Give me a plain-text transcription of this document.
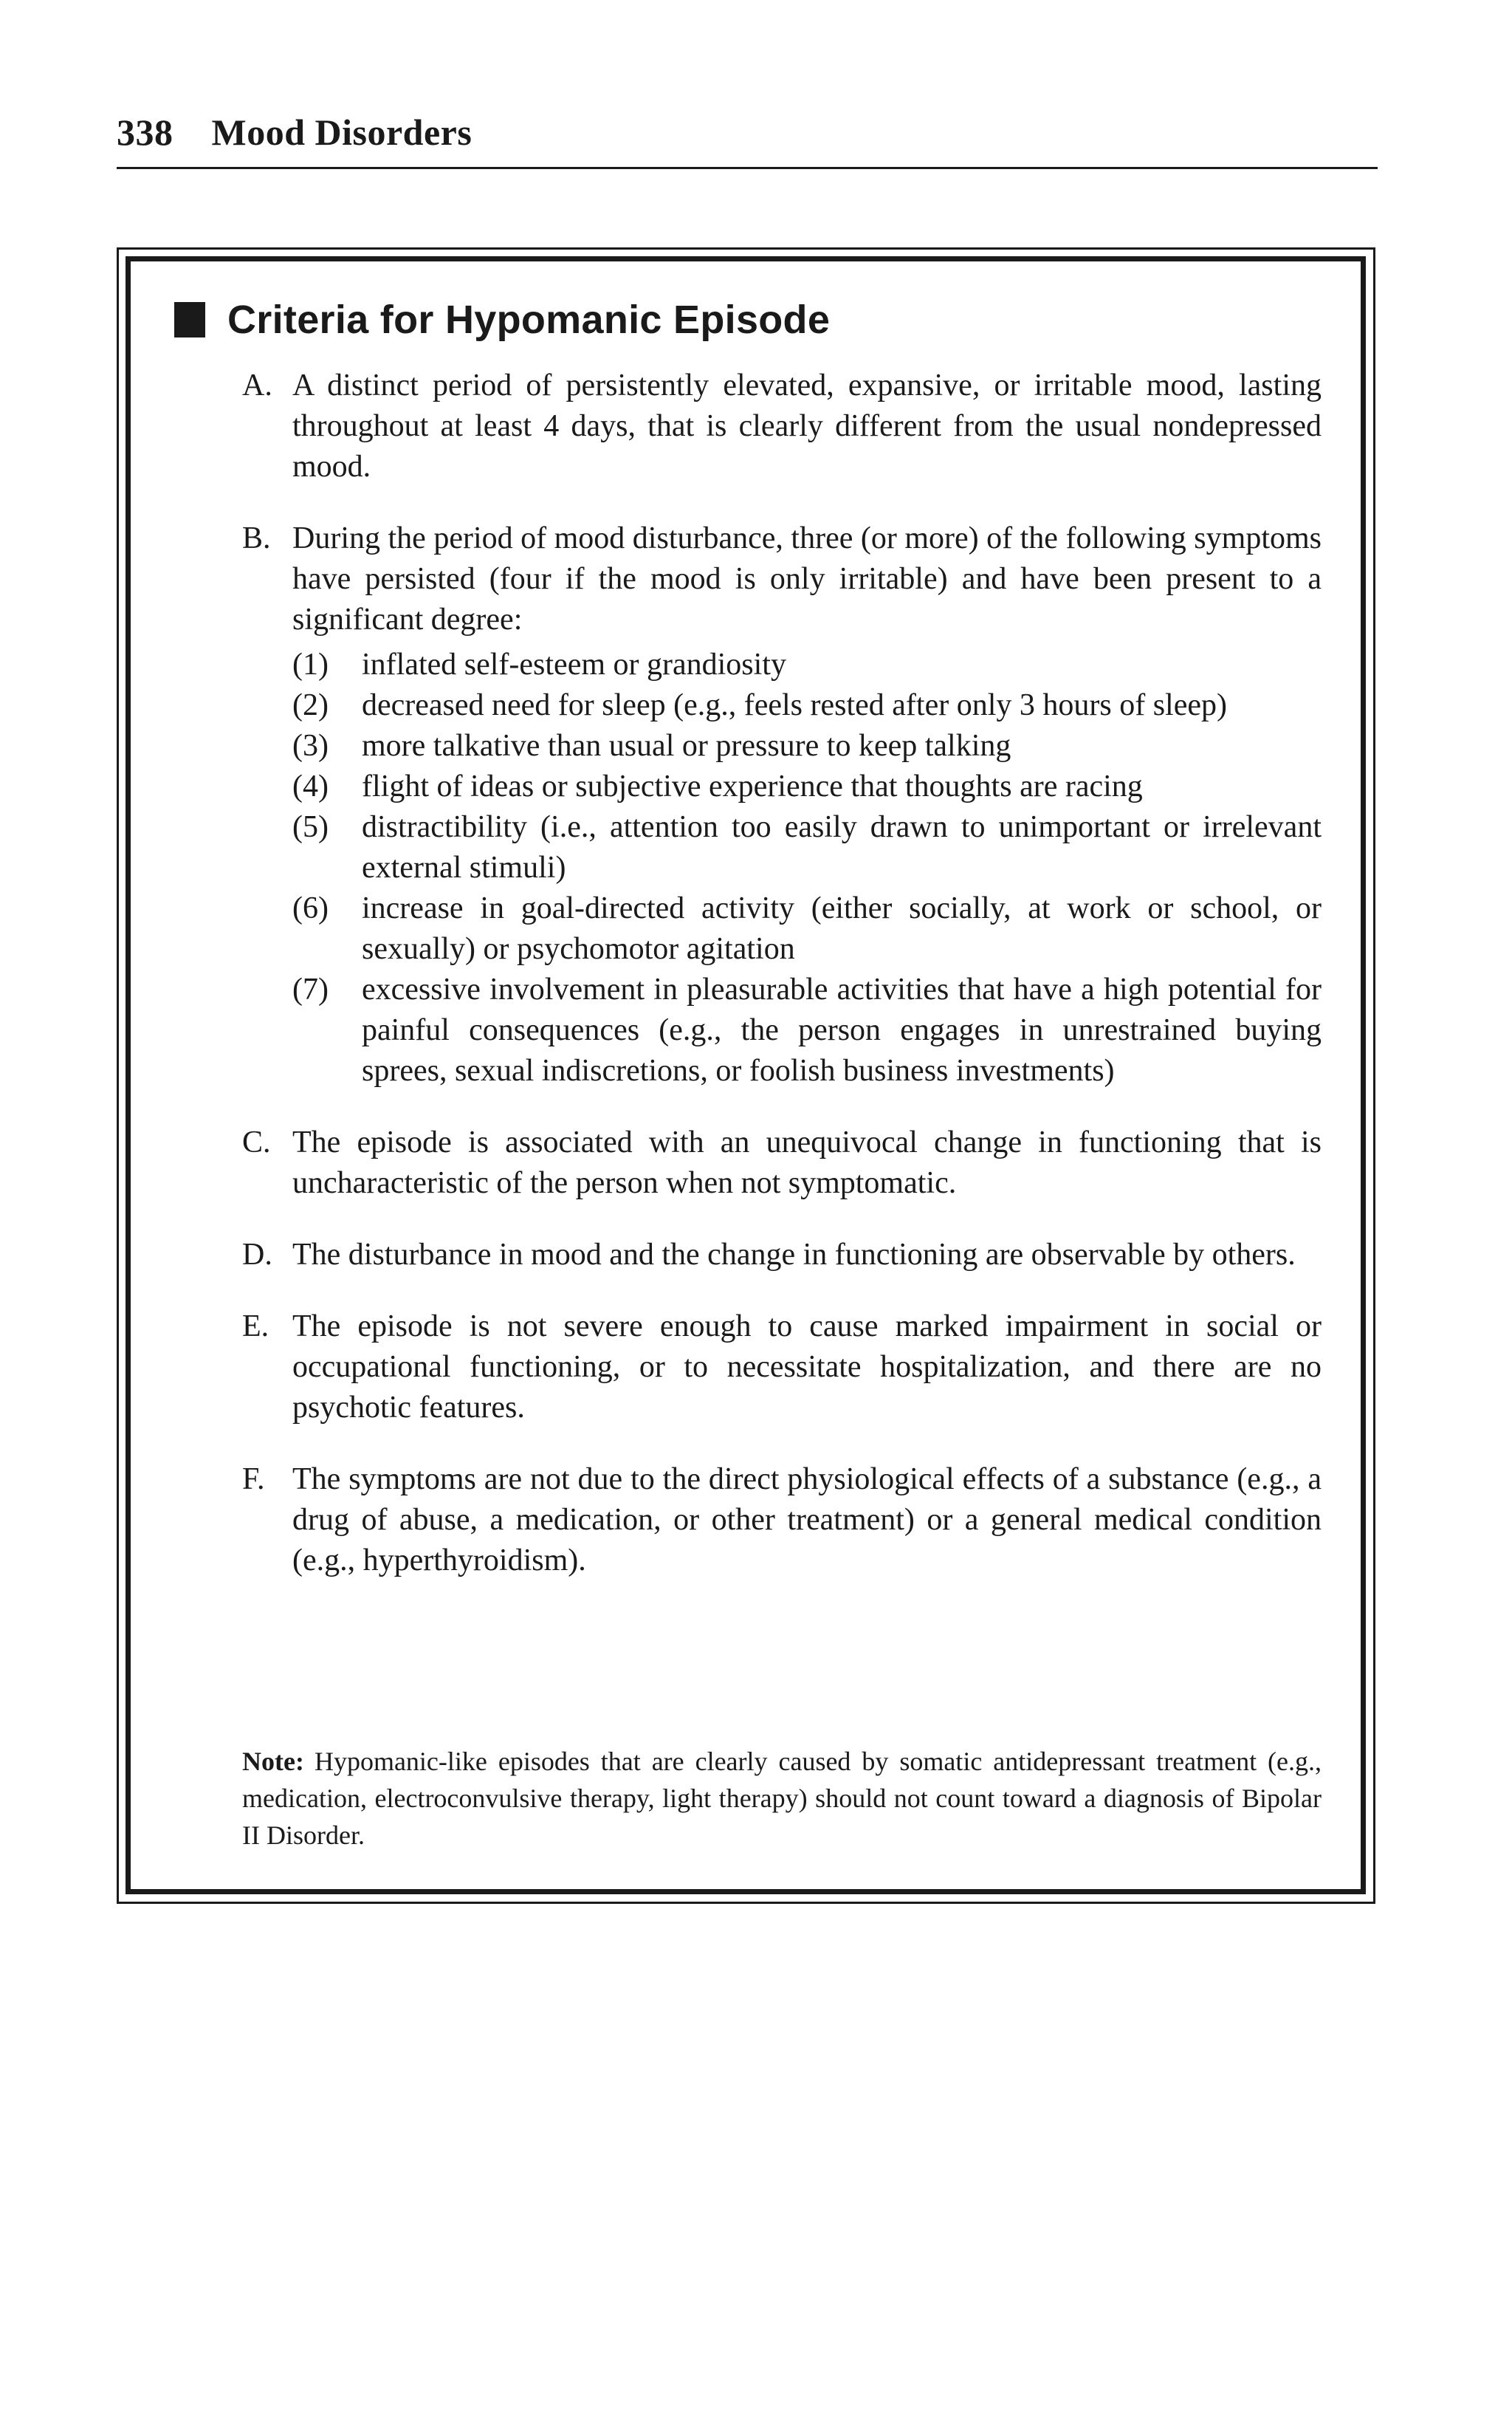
338 Mood Disorders
Criteria for Hypomanic Episode
A. A distinct period of persistently elevated, expansive, or irritable mood, lasting throughout at least 4 days, that is clearly different from the usual nondepressed mood.
B. During the period of mood disturbance, three (or more) of the following symptoms have persisted (four if the mood is only irritable) and have been present to a significant degree:
(1)	inflated self-esteem or grandiosity
(2)	decreased need for sleep (e.g., feels rested after only 3 hours of sleep)
(3)	more talkative than usual or pressure to keep talking
(4)	flight of ideas or subjective experience that thoughts are racing
(5)	distractibility (i.e., attention too easily drawn to unimportant or irrelevant external stimuli)
(6)	increase in goal-directed activity (either socially, at work or school, or sexually) or psychomotor agitation
(7)	excessive involvement in pleasurable activities that have a high potential for painful consequences (e.g., the person engages in unrestrained buying sprees, sexual indiscretions, or foolish business investments)
C. The episode is associated with an unequivocal change in functioning that is uncharacteristic of the person when not symptomatic.
D. The disturbance in mood and the change in functioning are observable by others.
E. The episode is not severe enough to cause marked impairment in social or occupational functioning, or to necessitate hospitalization, and there are no psychotic features.
F. The symptoms are not due to the direct physiological effects of a substance (e.g., a drug of abuse, a medication, or other treatment) or a general medical condition (e.g., hyperthyroidism).
Note: Hypomanic-like episodes that are clearly caused by somatic antidepressant treatment (e.g., medication, electroconvulsive therapy, light therapy) should not count toward a diagnosis of Bipolar II Disorder.
